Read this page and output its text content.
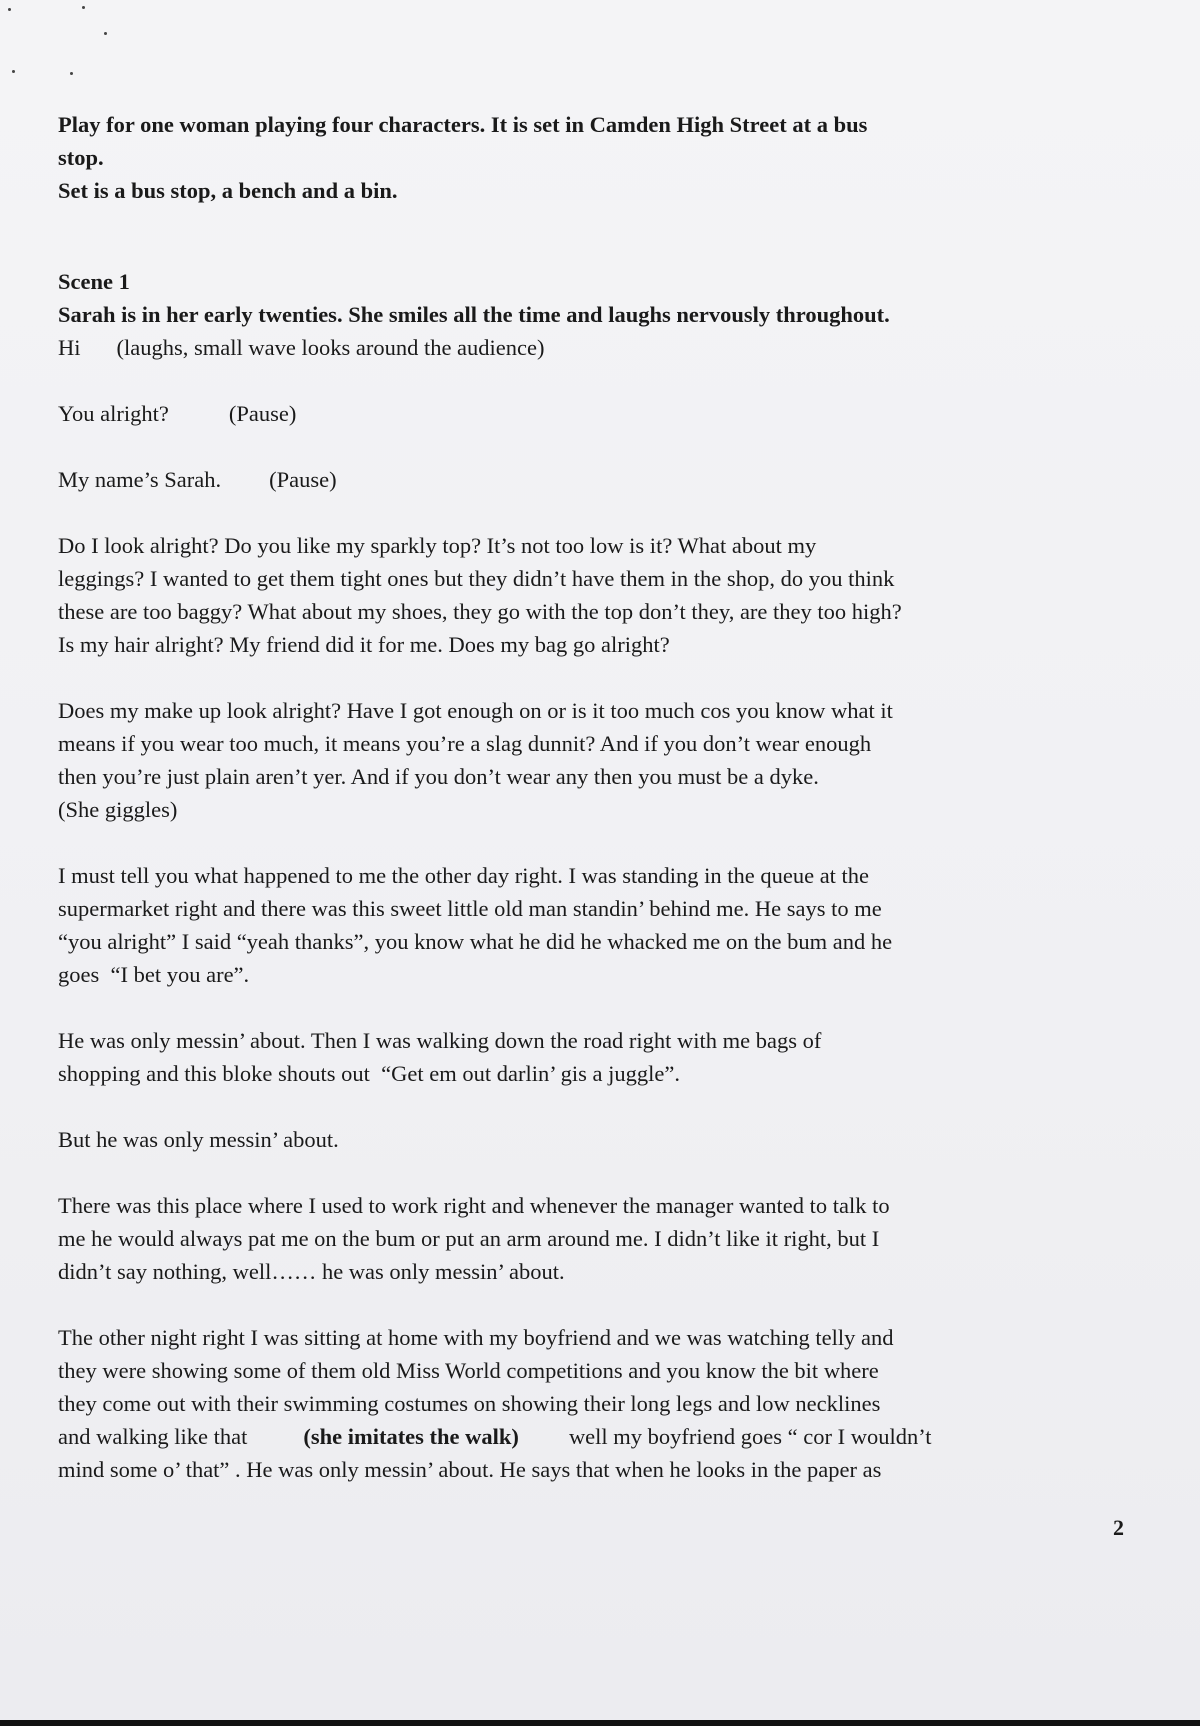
Play for one woman playing four characters. It is set in Camden High Street at a bus

stop.

Set is a bus stop, a bench and a bin.

Scene 1

Sarah is in her early twenties. She smiles all the time and laughs nervously throughout.

Hi (laughs, small wave looks around the audience)

You alright?	(Pause)

My name’s Sarah. (Pause)

Do I look alright? Do you like my sparkly top? It’s not too low is it? What about my

leggings? I wanted to get them tight ones but they didn’t have them in the shop, do you think

these are too baggy? What about my shoes, they go with the top don’t they, are they too high?

Is my hair alright? My friend did it for me. Does my bag go alright?

Does my make up look alright? Have I got enough on or is it too much cos you know what it

means if you wear too much, it means you’re a slag dunnit? And if you don’t wear enough

then you’re just plain aren’t yer. And if you don’t wear any then you must be a dyke.

(She giggles)

I must tell you what happened to me the other day right. I was standing in the queue at the

supermarket right and there was this sweet little old man standin’ behind me. He says to me

“you alright” I said “yeah thanks”, you know what he did he whacked me on the bum and he

goes  “I bet you are”.

He was only messin’ about. Then I was walking down the road right with me bags of

shopping and this bloke shouts out  “Get em out darlin’ gis a juggle”.

But he was only messin’ about.

There was this place where I used to work right and whenever the manager wanted to talk to

me he would always pat me on the bum or put an arm around me. I didn’t like it right, but I

didn’t say nothing, well…… he was only messin’ about.

The other night right I was sitting at home with my boyfriend and we was watching telly and

they were showing some of them old Miss World competitions and you know the bit where

they come out with their swimming costumes on showing their long legs and low necklines

and walking like that (she imitates the walk) well my boyfriend goes “ cor I wouldn’t

mind some o’ that” . He was only messin’ about. He says that when he looks in the paper as

2
